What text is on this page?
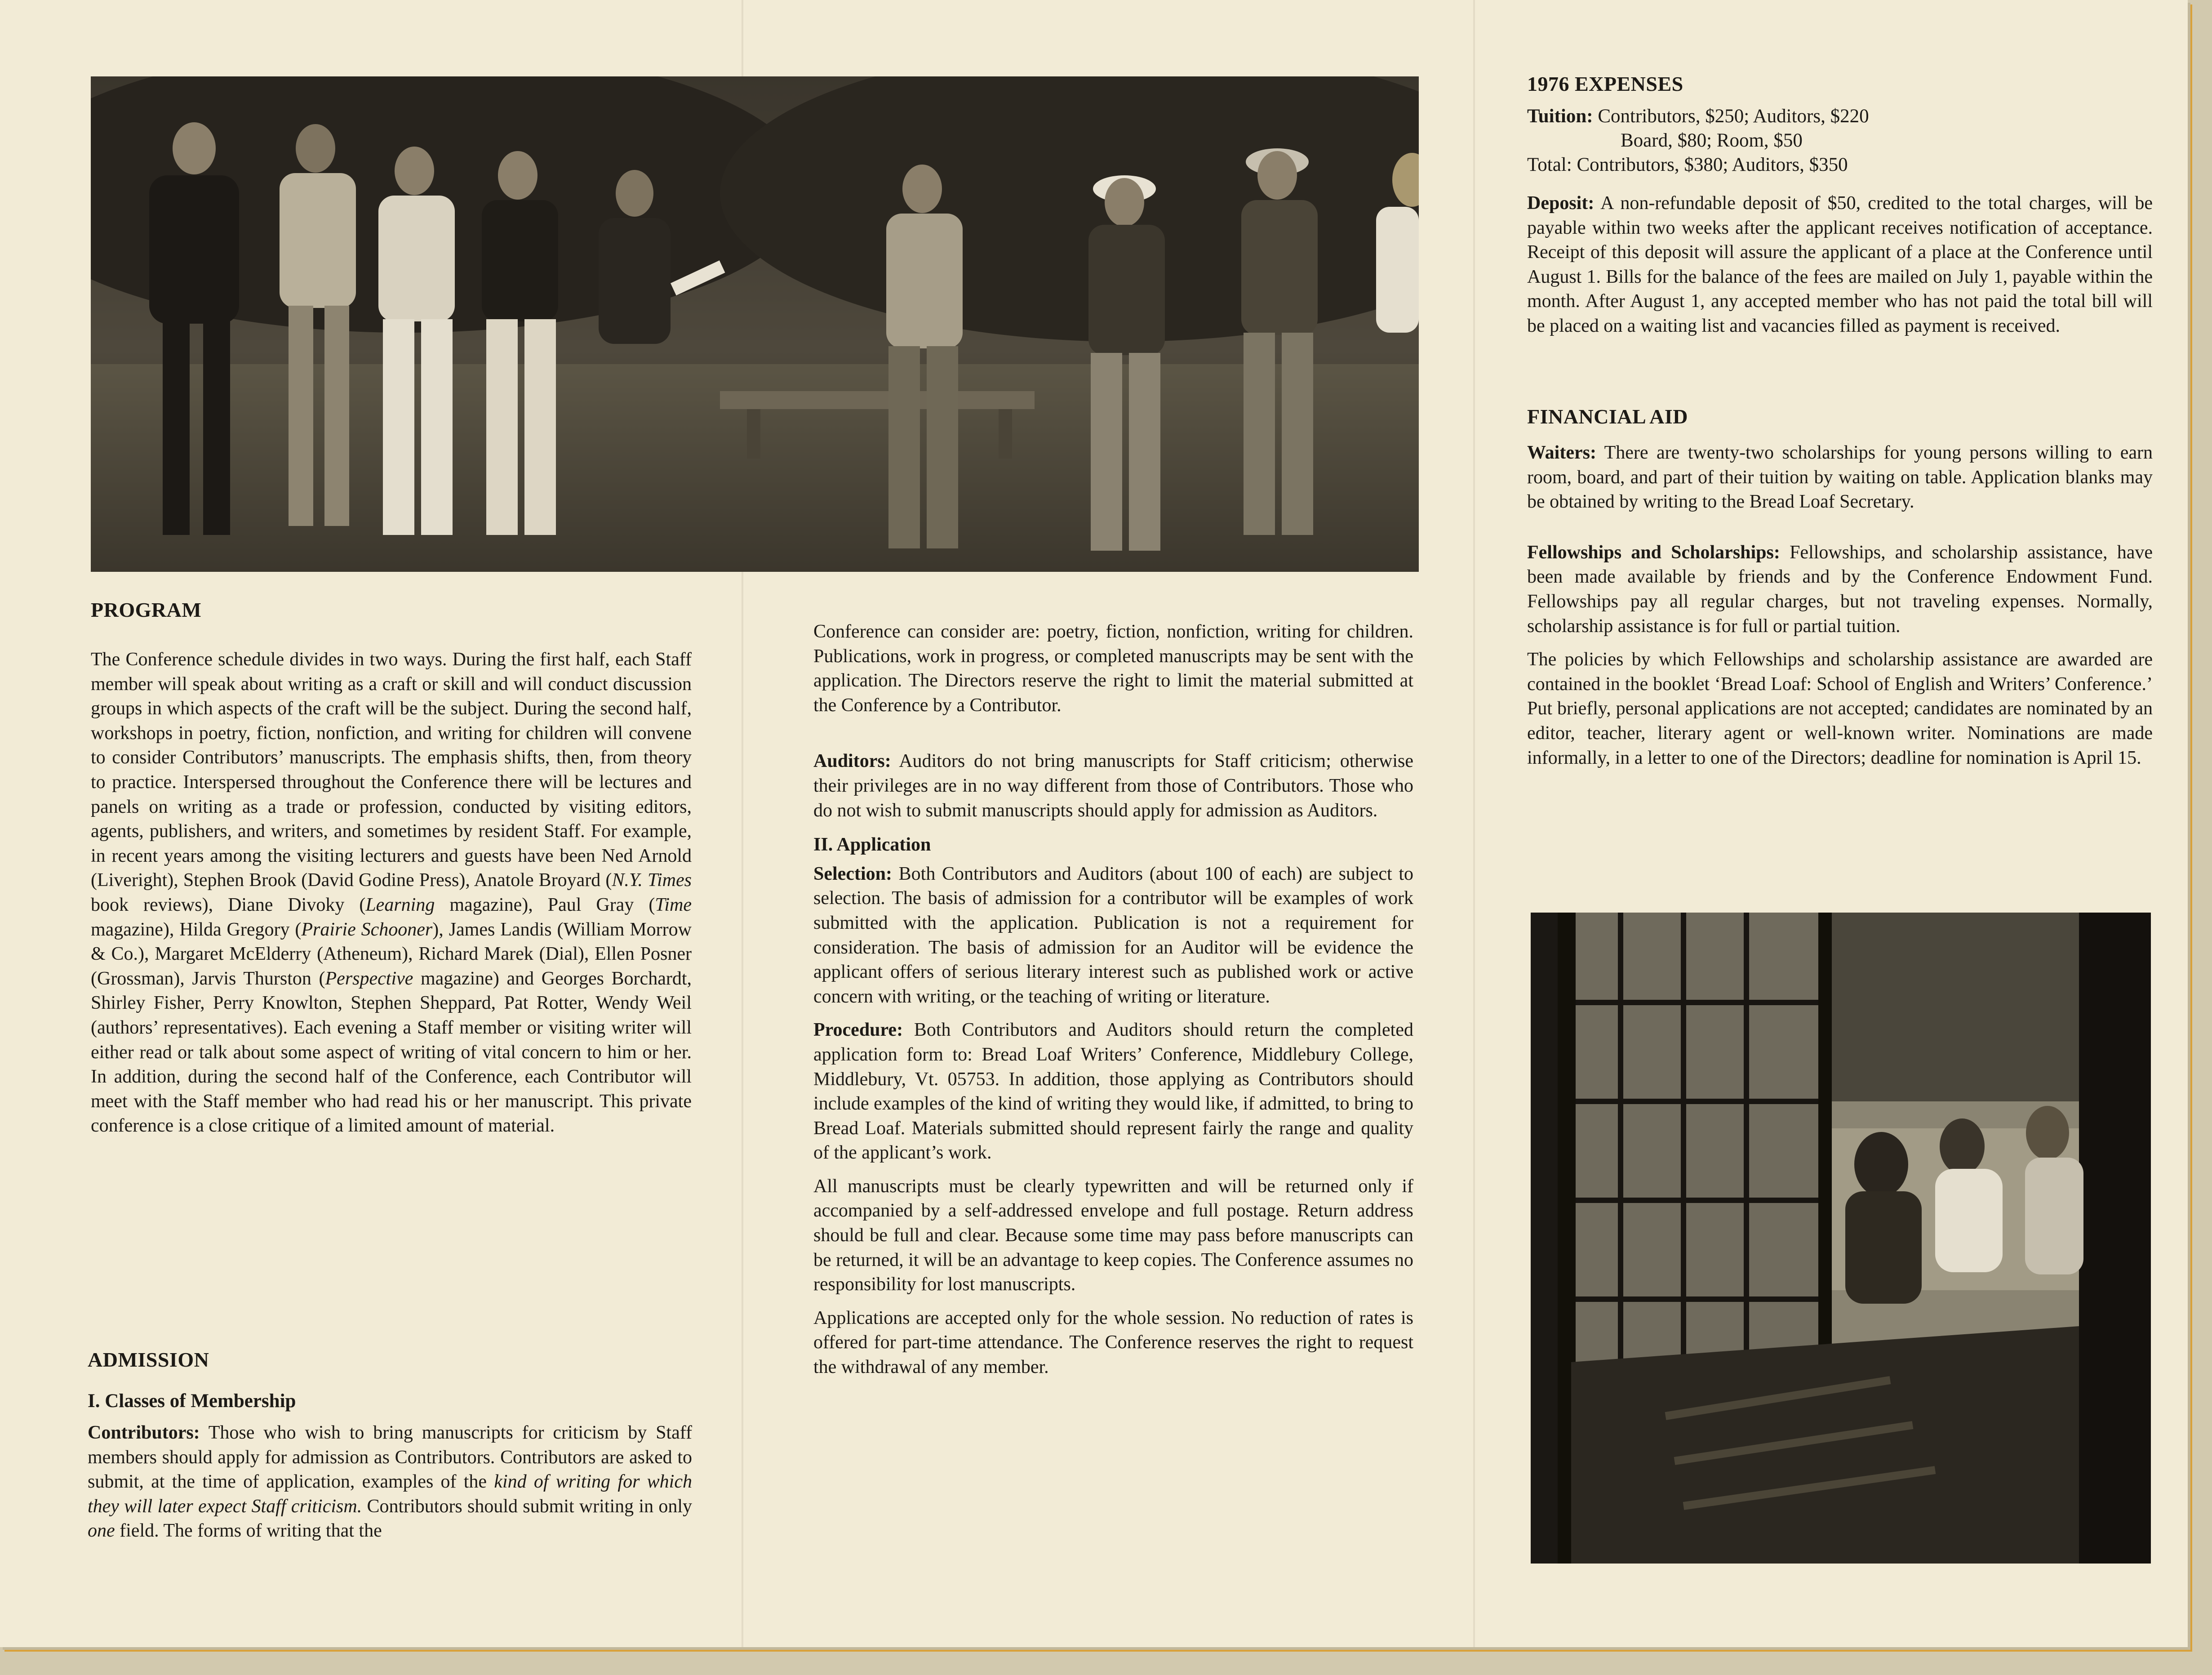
PROGRAM

The Conference schedule divides in two ways. During the first half, each Staff member will speak about writing as a craft or skill and will conduct discussion groups in which aspects of the craft will be the subject. During the second half, workshops in poetry, fiction, nonfiction, and writing for children will convene to consider Contributors’ manuscripts. The emphasis shifts, then, from theory to practice. Interspersed throughout the Conference there will be lectures and panels on writing as a trade or profession, conducted by visiting editors, agents, publishers, and writers, and sometimes by resident Staff. For example, in recent years among the visiting lecturers and guests have been Ned Arnold (Liveright), Stephen Brook (David Godine Press), Anatole Broyard (N.Y. Times book reviews), Diane Divoky (Learning magazine), Paul Gray (Time magazine), Hilda Gregory (Prairie Schooner), James Landis (William Morrow & Co.), Margaret McElderry (Atheneum), Richard Marek (Dial), Ellen Posner (Grossman), Jarvis Thurston (Perspective magazine) and Georges Borchardt, Shirley Fisher, Perry Knowlton, Stephen Sheppard, Pat Rotter, Wendy Weil (authors’ representatives). Each evening a Staff member or visiting writer will either read or talk about some aspect of writing of vital concern to him or her. In addition, during the second half of the Conference, each Contributor will meet with the Staff member who had read his or her manuscript. This private conference is a close critique of a limited amount of material.

ADMISSION
I. Classes of Membership

Contributors: Those who wish to bring manuscripts for criticism by Staff members should apply for admission as Contributors. Contributors are asked to submit, at the time of application, examples of the kind of writing for which they will later expect Staff criticism. Contributors should submit writing in only one field. The forms of writing that the

Conference can consider are: poetry, fiction, nonfiction, writing for children. Publications, work in progress, or completed manuscripts may be sent with the application. The Directors reserve the right to limit the material submitted at the Conference by a Contributor.

Auditors: Auditors do not bring manuscripts for Staff criticism; otherwise their privileges are in no way different from those of Contributors. Those who do not wish to submit manuscripts should apply for admission as Auditors.

II. Application

Selection: Both Contributors and Auditors (about 100 of each) are subject to selection. The basis of admission for a contributor will be examples of work submitted with the application. Publication is not a requirement for consideration. The basis of admission for an Auditor will be evidence the applicant offers of serious literary interest such as published work or active concern with writing, or the teaching of writing or literature.

Procedure: Both Contributors and Auditors should return the completed application form to: Bread Loaf Writers’ Conference, Middlebury College, Middlebury, Vt. 05753. In addition, those applying as Contributors should include examples of the kind of writing they would like, if admitted, to bring to Bread Loaf. Materials submitted should represent fairly the range and quality of the applicant’s work.

All manuscripts must be clearly typewritten and will be returned only if accompanied by a self-addressed envelope and full postage. Return address should be full and clear. Because some time may pass before manuscripts can be returned, it will be an advantage to keep copies. The Conference assumes no responsibility for lost manuscripts.

Applications are accepted only for the whole session. No reduction of rates is offered for part-time attendance. The Conference reserves the right to request the withdrawal of any member.

1976 EXPENSES
Tuition: Contributors, $250; Auditors, $220
Board, $80; Room, $50
Total: Contributors, $380; Auditors, $350

Deposit: A non-refundable deposit of $50, credited to the total charges, will be payable within two weeks after the applicant receives notification of acceptance. Receipt of this deposit will assure the applicant of a place at the Conference until August 1. Bills for the balance of the fees are mailed on July 1, payable within the month. After August 1, any accepted member who has not paid the total bill will be placed on a waiting list and vacancies filled as payment is received.

FINANCIAL AID

Waiters: There are twenty-two scholarships for young persons willing to earn room, board, and part of their tuition by waiting on table. Application blanks may be obtained by writing to the Bread Loaf Secretary.

Fellowships and Scholarships: Fellowships, and scholarship assistance, have been made available by friends and by the Conference Endowment Fund. Fellowships pay all regular charges, but not traveling expenses. Normally, scholarship assistance is for full or partial tuition.

The policies by which Fellowships and scholarship assistance are awarded are contained in the booklet ‘Bread Loaf: School of English and Writers’ Conference.’ Put briefly, personal applications are not accepted; candidates are nominated by an editor, teacher, literary agent or well-known writer. Nominations are made informally, in a letter to one of the Directors; deadline for nomination is April 15.
